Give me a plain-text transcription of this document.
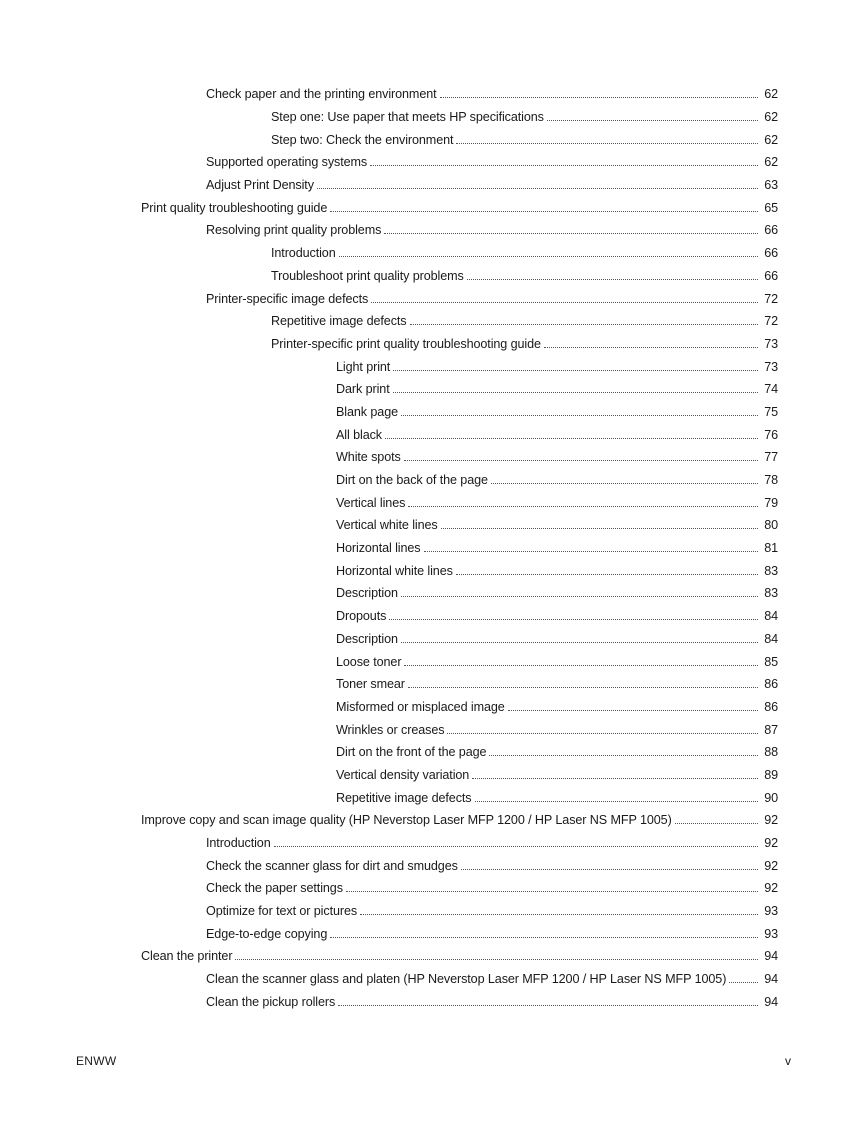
Check paper and the printing environment	62
Step one: Use paper that meets HP specifications	62
Step two: Check the environment	62
Supported operating systems	62
Adjust Print Density	63
Print quality troubleshooting guide	65
Resolving print quality problems	66
Introduction	66
Troubleshoot print quality problems	66
Printer-specific image defects	72
Repetitive image defects	72
Printer-specific print quality troubleshooting guide	73
Light print	73
Dark print	74
Blank page	75
All black	76
White spots	77
Dirt on the back of the page	78
Vertical lines	79
Vertical white lines	80
Horizontal lines	81
Horizontal white lines	83
Description	83
Dropouts	84
Description	84
Loose toner	85
Toner smear	86
Misformed or misplaced image	86
Wrinkles or creases	87
Dirt on the front of the page	88
Vertical density variation	89
Repetitive image defects	90
Improve copy and scan image quality (HP Neverstop Laser MFP 1200 / HP Laser NS MFP 1005)	92
Introduction	92
Check the scanner glass for dirt and smudges	92
Check the paper settings	92
Optimize for text or pictures	93
Edge-to-edge copying	93
Clean the printer	94
Clean the scanner glass and platen (HP Neverstop Laser MFP 1200 / HP Laser NS MFP 1005)	94
Clean the pickup rollers	94
ENWW	v
